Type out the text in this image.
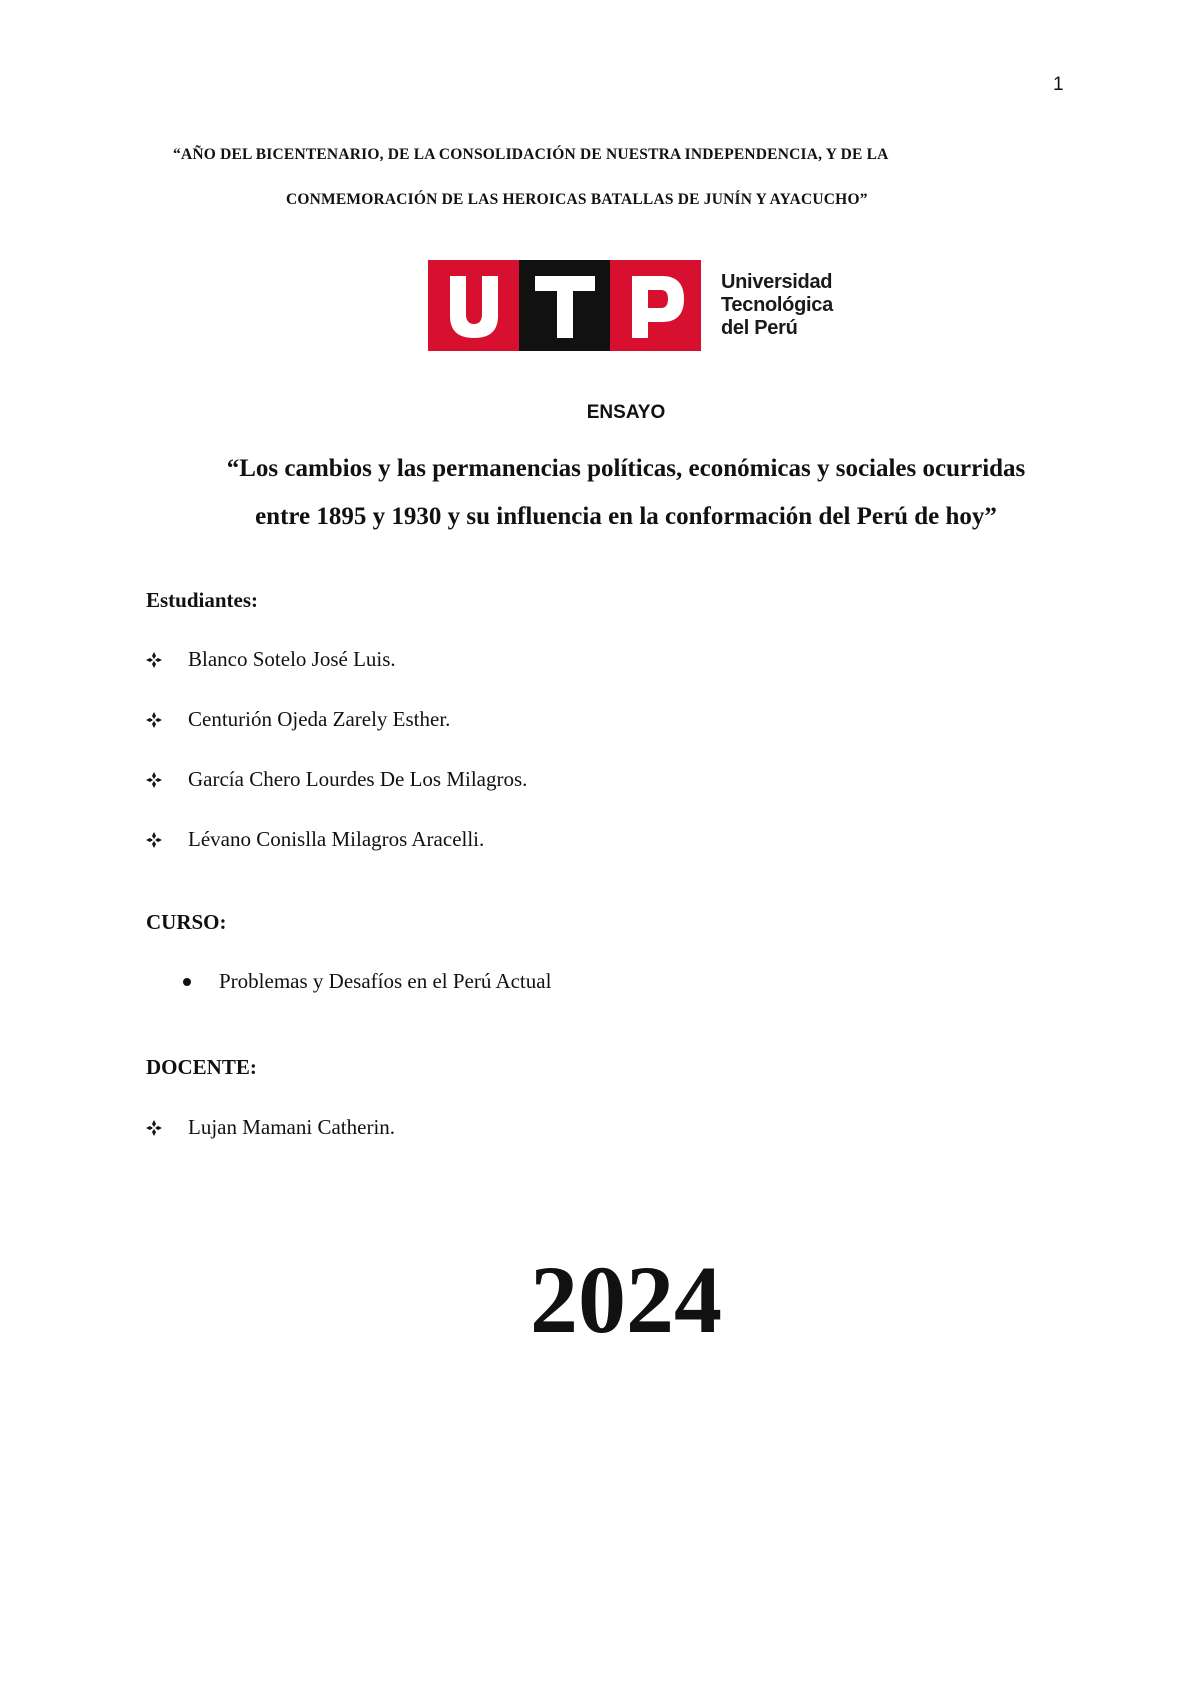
1
“AÑO DEL BICENTENARIO, DE LA CONSOLIDACIÓN DE NUESTRA INDEPENDENCIA, Y DE LA
CONMEMORACIÓN DE LAS HEROICAS BATALLAS DE JUNÍN Y AYACUCHO”
Universidad
Tecnológica
del Perú
ENSAYO
“Los cambios y las permanencias políticas, económicas y sociales ocurridas
entre 1895 y 1930 y su influencia en la conformación del Perú de hoy”
Estudiantes:
Blanco Sotelo José Luis.
Centurión Ojeda Zarely Esther.
García Chero Lourdes De Los Milagros.
Lévano Conislla Milagros Aracelli.
CURSO:
Problemas y Desafíos en el Perú Actual
DOCENTE:
Lujan Mamani Catherin.
2024
